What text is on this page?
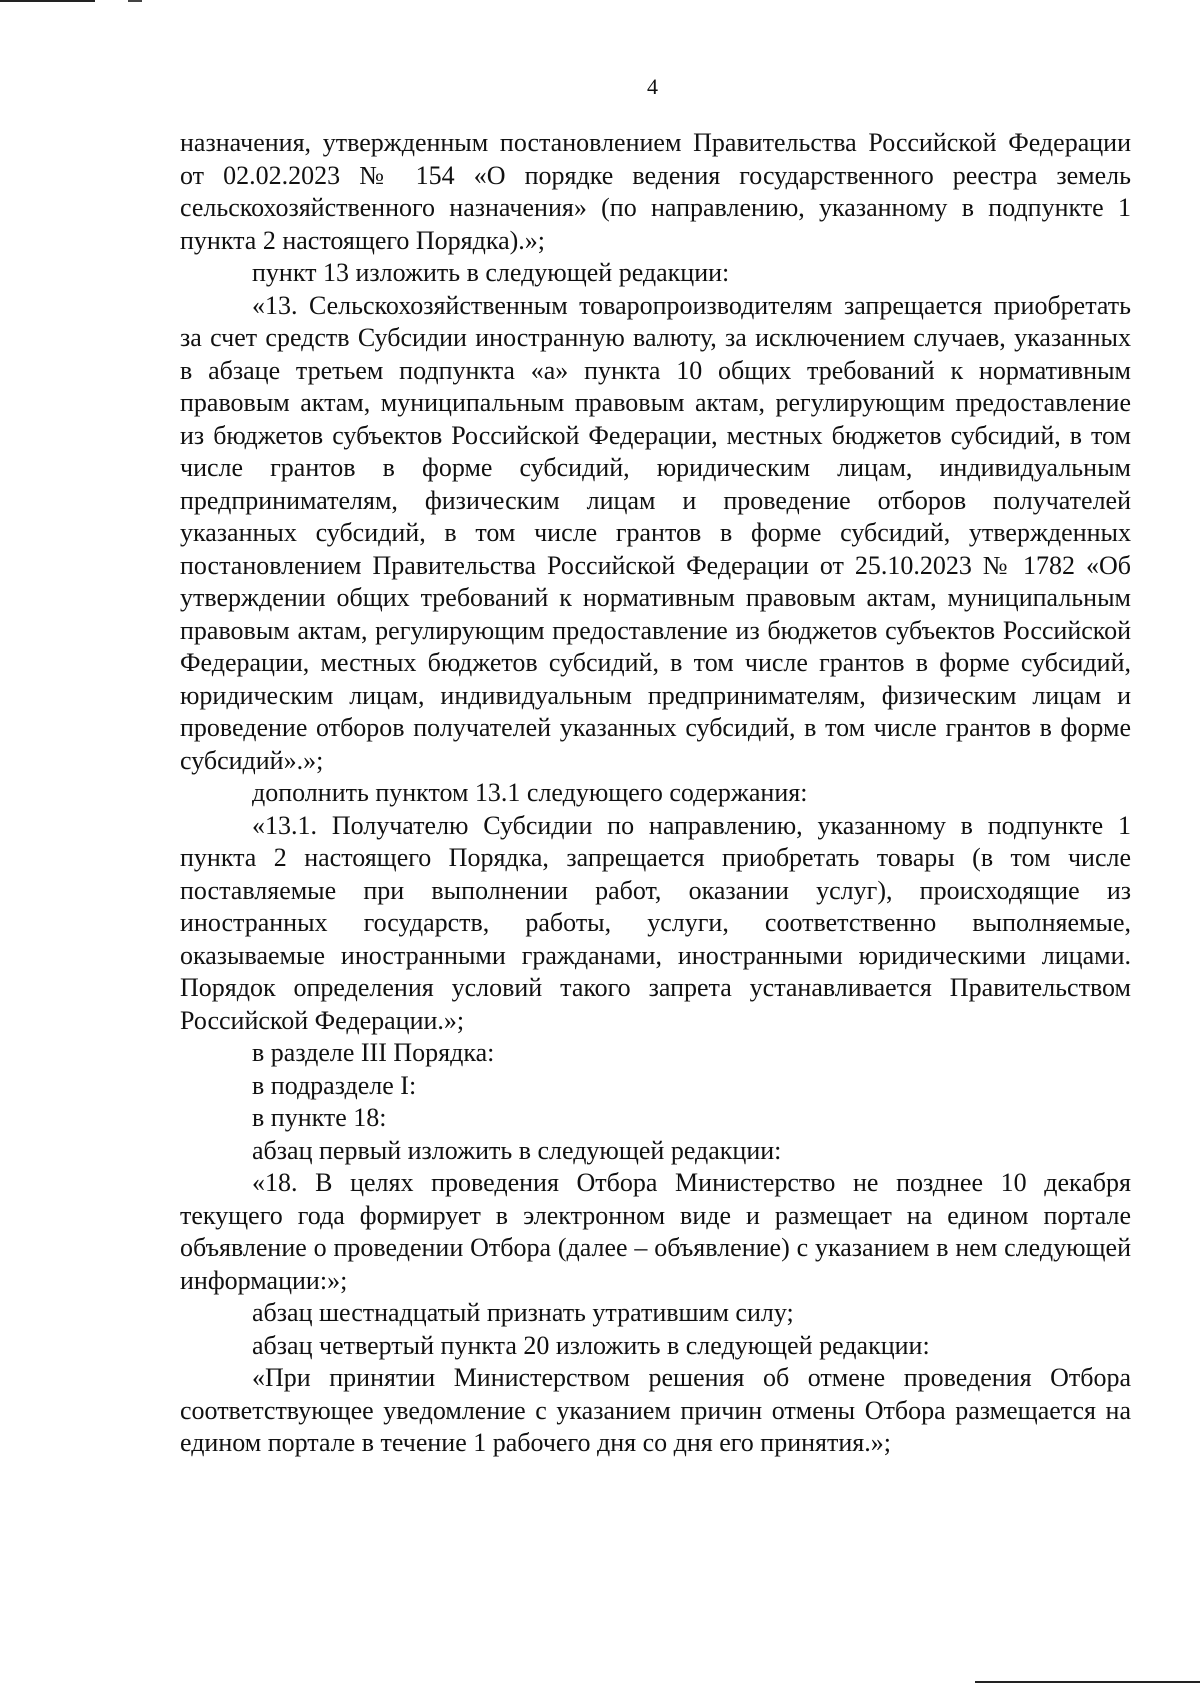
4

назначения, утвержденным постановлением Правительства Российской Федерации от 02.02.2023 № 154 «О порядке ведения государственного реестра земель сельскохозяйственного назначения» (по направлению, указанному в подпункте 1 пункта 2 настоящего Порядка).»;

пункт 13 изложить в следующей редакции:

«13. Сельскохозяйственным товаропроизводителям запрещается приобретать за счет средств Субсидии иностранную валюту, за исключением случаев, указанных в абзаце третьем подпункта «а» пункта 10 общих требований к нормативным правовым актам, муниципальным правовым актам, регулирующим предоставление из бюджетов субъектов Российской Федерации, местных бюджетов субсидий, в том числе грантов в форме субсидий, юридическим лицам, индивидуальным предпринимателям, физическим лицам и проведение отборов получателей указанных субсидий, в том числе грантов в форме субсидий, утвержденных постановлением Правительства Российской Федерации от 25.10.2023 № 1782 «Об утверждении общих требований к нормативным правовым актам, муниципальным правовым актам, регулирующим предоставление из бюджетов субъектов Российской Федерации, местных бюджетов субсидий, в том числе грантов в форме субсидий, юридическим лицам, индивидуальным предпринимателям, физическим лицам и проведение отборов получателей указанных субсидий, в том числе грантов в форме субсидий».»;

дополнить пунктом 13.1 следующего содержания:

«13.1. Получателю Субсидии по направлению, указанному в подпункте 1 пункта 2 настоящего Порядка, запрещается приобретать товары (в том числе поставляемые при выполнении работ, оказании услуг), происходящие из иностранных государств, работы, услуги, соответственно выполняемые, оказываемые иностранными гражданами, иностранными юридическими лицами. Порядок определения условий такого запрета устанавливается Правительством Российской Федерации.»;

в разделе III Порядка:

в подразделе I:

в пункте 18:

абзац первый изложить в следующей редакции:

«18. В целях проведения Отбора Министерство не позднее 10 декабря текущего года формирует в электронном виде и размещает на едином портале объявление о проведении Отбора (далее – объявление) с указанием в нем следующей информации:»;

абзац шестнадцатый признать утратившим силу;

абзац четвертый пункта 20 изложить в следующей редакции:

«При принятии Министерством решения об отмене проведения Отбора соответствующее уведомление с указанием причин отмены Отбора размещается на едином портале в течение 1 рабочего дня со дня его принятия.»;
